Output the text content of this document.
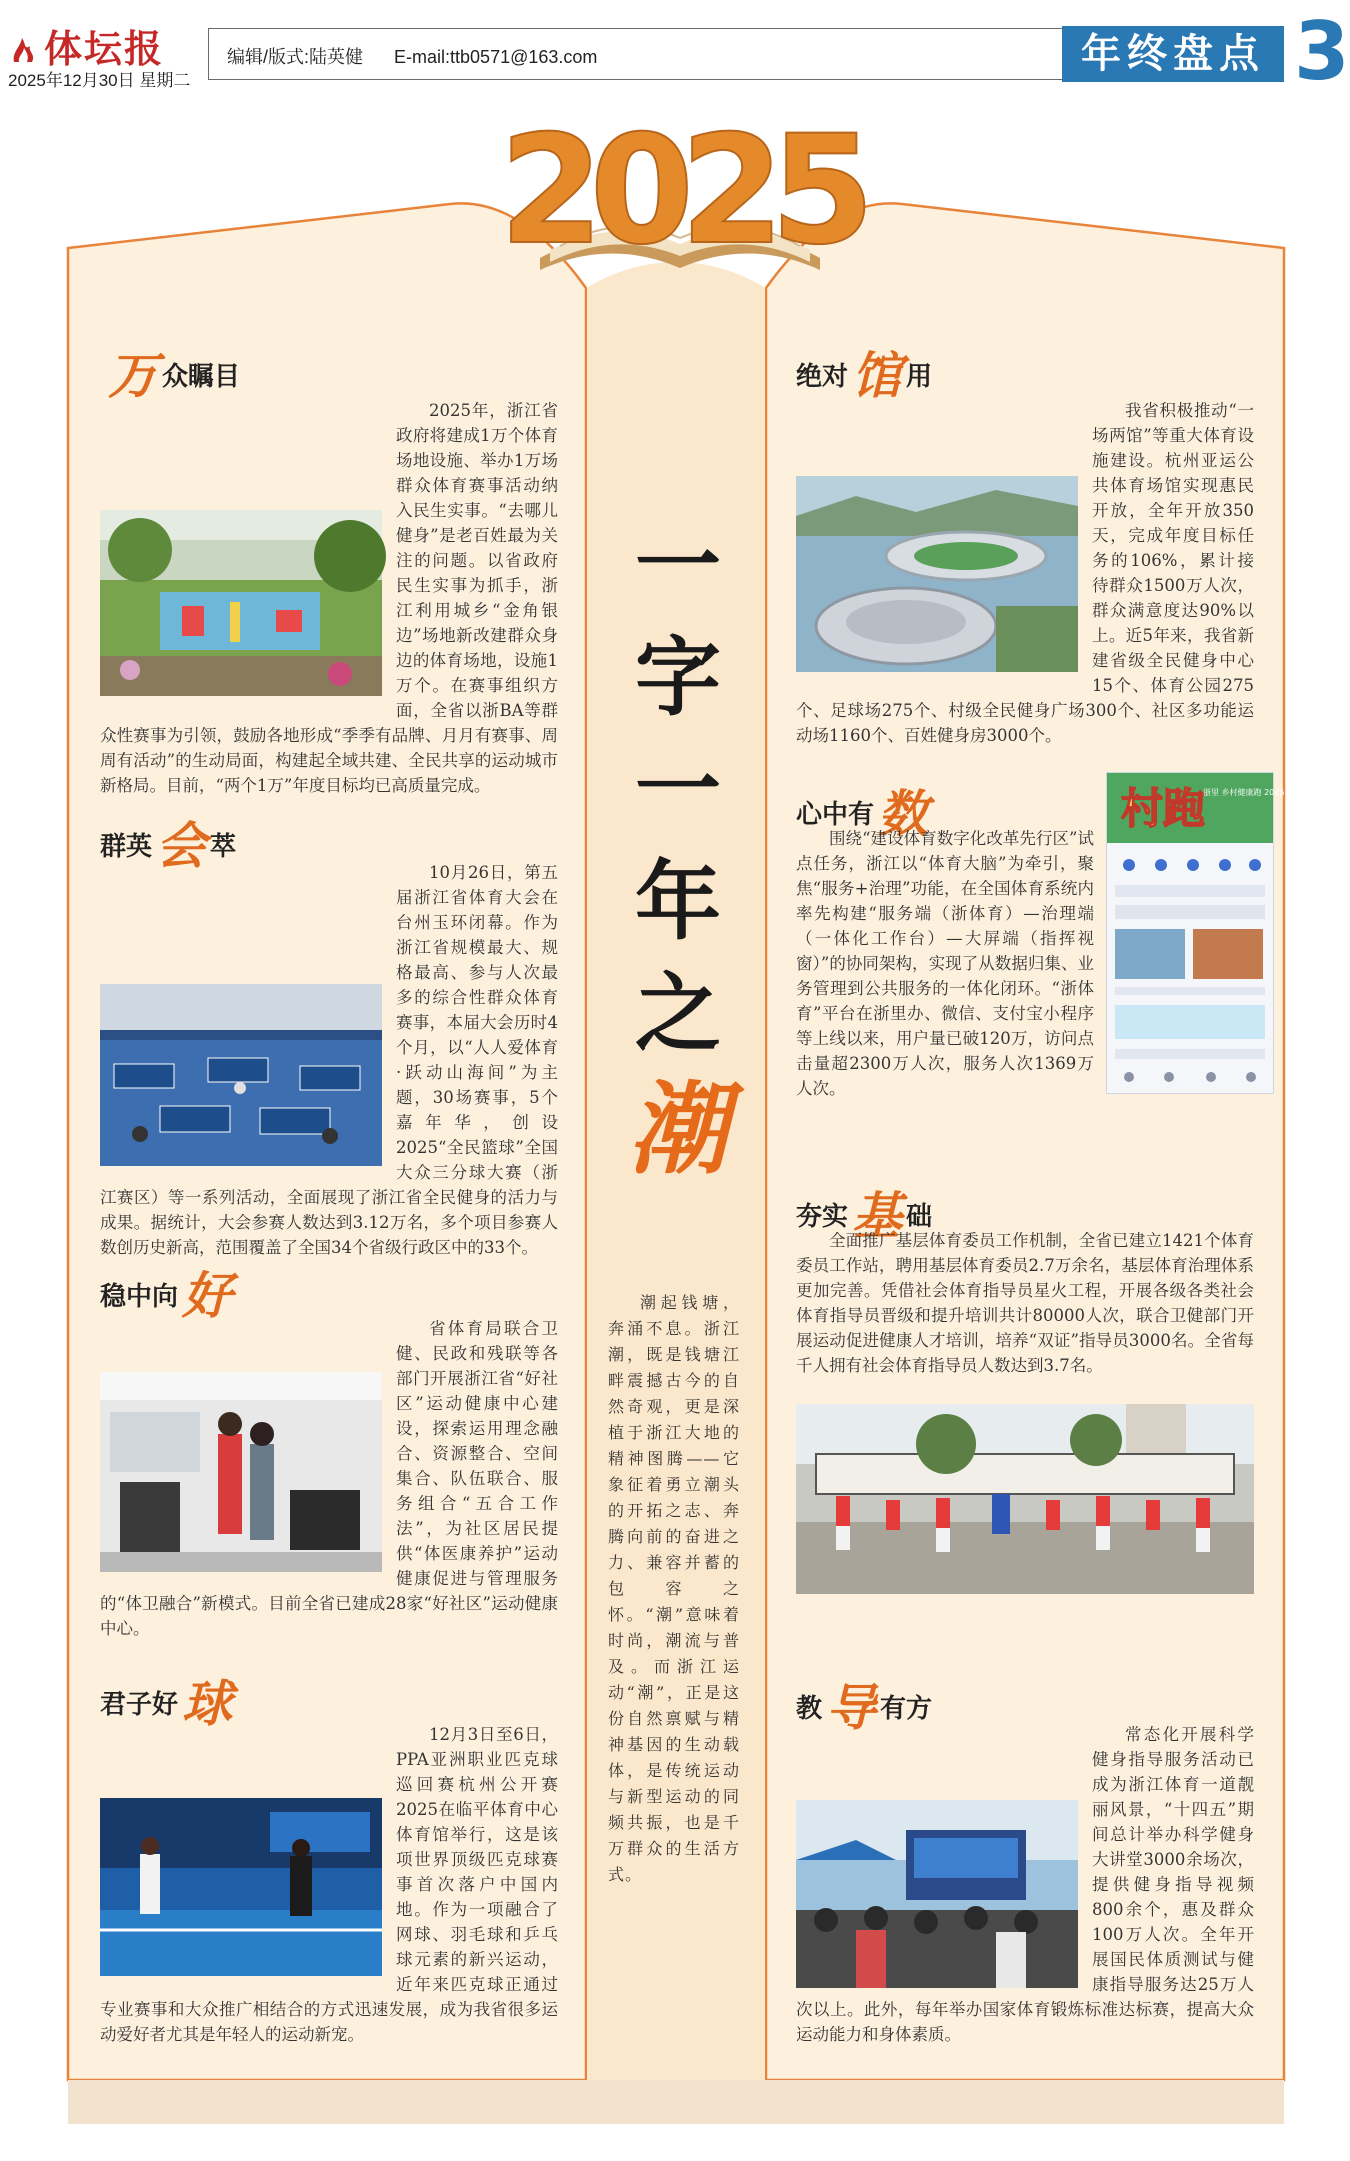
体坛报
2025年12月30日 星期二
编辑/版式:陆英健 E-mail:ttb0571@163.com	年终盘点 3
2025
一
字
一
年
之
潮

潮起钱塘，奔涌不息。浙江潮，既是钱塘江畔震撼古今的自然奇观，更是深植于浙江大地的精神图腾——它象征着勇立潮头的开拓之志、奔腾向前的奋进之力、兼容并蓄的包容之怀。“潮”意味着时尚，潮流与普及。而浙江运动“潮”，正是这份自然禀赋与精神基因的生动载体，是传统运动与新型运动的同频共振，也是千万群众的生活方式。

万众瞩目

2025年，浙江省政府将建成1万个体育场地设施、举办1万场群众体育赛事活动纳入民生实事。“去哪儿健身”是老百姓最为关注的问题。以省政府民生实事为抓手，浙江利用城乡“金角银边”场地新改建群众身边的体育场地，设施1万个。在赛事组织方面，全省以浙BA等群众性赛事为引领，鼓励各地形成“季季有品牌、月月有赛事、周周有活动”的生动局面，构建起全域共建、全民共享的运动城市新格局。目前，“两个1万”年度目标均已高质量完成。

群英会 萃

10月26日，第五届浙江省体育大会在台州玉环闭幕。作为浙江省规模最大、规格最高、参与人次最多的综合性群众体育赛事，本届大会历时4个月，以“人人爱体育·跃动山海间”为主题，30场赛事，5个嘉年华，创设2025“全民篮球”全国大众三分球大赛（浙江赛区）等一系列活动，全面展现了浙江省全民健身的活力与成果。据统计，大会参赛人数达到3.12万名，多个项目参赛人数创历史新高，范围覆盖了全国34个省级行政区中的33个。

稳中向好

省体育局联合卫健、民政和残联等各部门开展浙江省“好社区”运动健康中心建设，探索运用理念融合、资源整合、空间集合、队伍联合、服务组合“五合工作法”，为社区居民提供“体医康养护”运动健康促进与管理服务的“体卫融合”新模式。目前全省已建成28家“好社区”运动健康中心。

君子好球

12月3日至6日，PPA亚洲职业匹克球巡回赛杭州公开赛2025在临平体育中心体育馆举行，这是该项世界顶级匹克球赛事首次落户中国内地。作为一项融合了网球、羽毛球和乒乓球元素的新兴运动，近年来匹克球正通过专业赛事和大众推广相结合的方式迅速发展，成为我省很多运动爱好者尤其是年轻人的运动新宠。

绝对馆 用

我省积极推动“一场两馆”等重大体育设施建设。杭州亚运公共体育场馆实现惠民开放，全年开放350天，完成年度目标任务的106%，累计接待群众1500万人次，群众满意度达90%以上。近5年来，我省新建省级全民健身中心15个、体育公园275个、足球场275个、村级全民健身广场300个、社区多功能运动场1160个、百姓健身房3000个。

心中有数	村跑
浙里 乡村健康跑 2025

围绕“建设体育数字化改革先行区”试点任务，浙江以“体育大脑”为牵引，聚焦“服务+治理”功能，在全国体育系统内率先构建“服务端（浙体育）—治理端（一体化工作台）—大屏端（指挥视窗）”的协同架构，实现了从数据归集、业务管理到公共服务的一体化闭环。“浙体育”平台在浙里办、微信、支付宝小程序等上线以来，用户量已破120万，访问点击量超2300万人次，服务人次1369万人次。

夯实基 础

全面推广基层体育委员工作机制，全省已建立1421个体育委员工作站，聘用基层体育委员2.7万余名，基层体育治理体系更加完善。凭借社会体育指导员星火工程，开展各级各类社会体育指导员晋级和提升培训共计80000人次，联合卫健部门开展运动促进健康人才培训，培养“双证”指导员3000名。全省每千人拥有社会体育指导员人数达到3.7名。

教导 有方

常态化开展科学健身指导服务活动已成为浙江体育一道靓丽风景，“十四五”期间总计举办科学健身大讲堂3000余场次，提供健身指导视频800余个，惠及群众100万人次。全年开展国民体质测试与健康指导服务达25万人次以上。此外，每年举办国家体育锻炼标准达标赛，提高大众运动能力和身体素质。
